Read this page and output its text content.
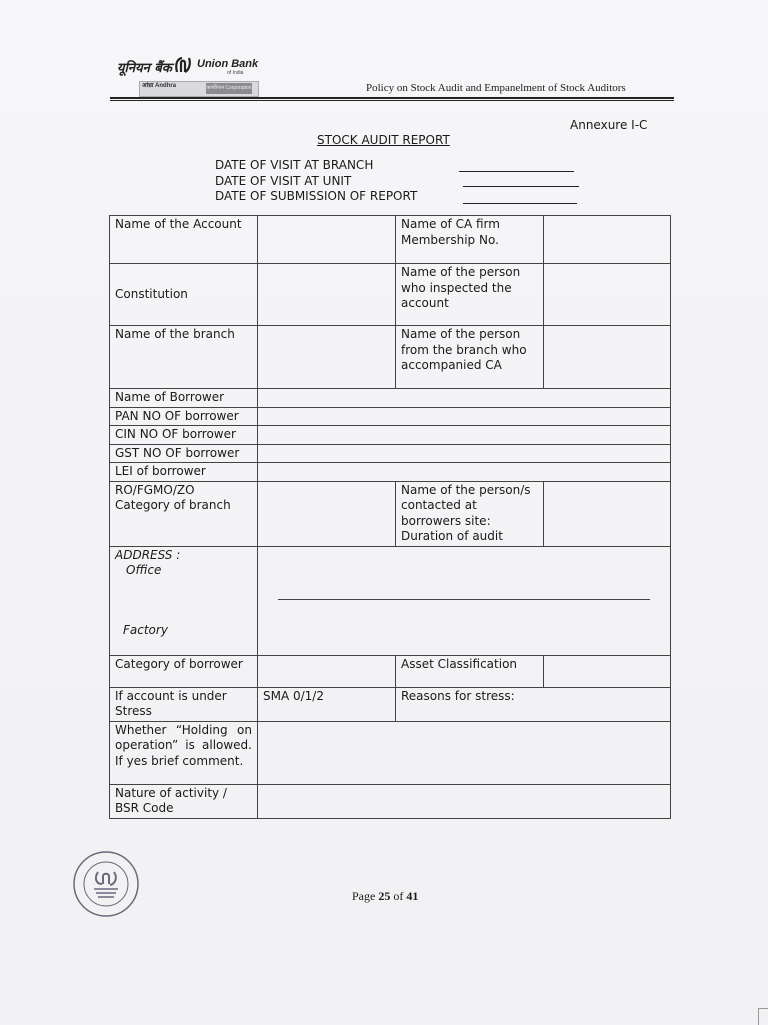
यूनियन बैंक Union Bank
of India
आंध्रा Andhra	कार्पोरेशन Corporation	Policy on Stock Audit and Empanelment of Stock Auditors
Annexure I-C
STOCK AUDIT REPORT
DATE OF VISIT AT BRANCH
DATE OF VISIT AT UNIT
DATE OF SUBMISSION OF REPORT
Name of the Account		Name of CA firm Membership No.	
Constitution		Name of the person who inspected the account	
Name of the branch		Name of the person from the branch who accompanied CA	
Name of Borrower			
PAN NO OF borrower			
CIN NO OF borrower			
GST NO OF borrower			
LEI of borrower			
RO/FGMO/ZO Category of branch		Name of the person/s contacted at borrowers site: Duration of audit	

ADDRESS :
Office
Factory			

Category of borrower		Asset Classification	
If account is under Stress	SMA 0/1/2	Reasons for stress:	
Whether “Holding on operation” is allowed. If yes brief comment.			
Nature of activity / BSR Code			
Page 25 of 41
